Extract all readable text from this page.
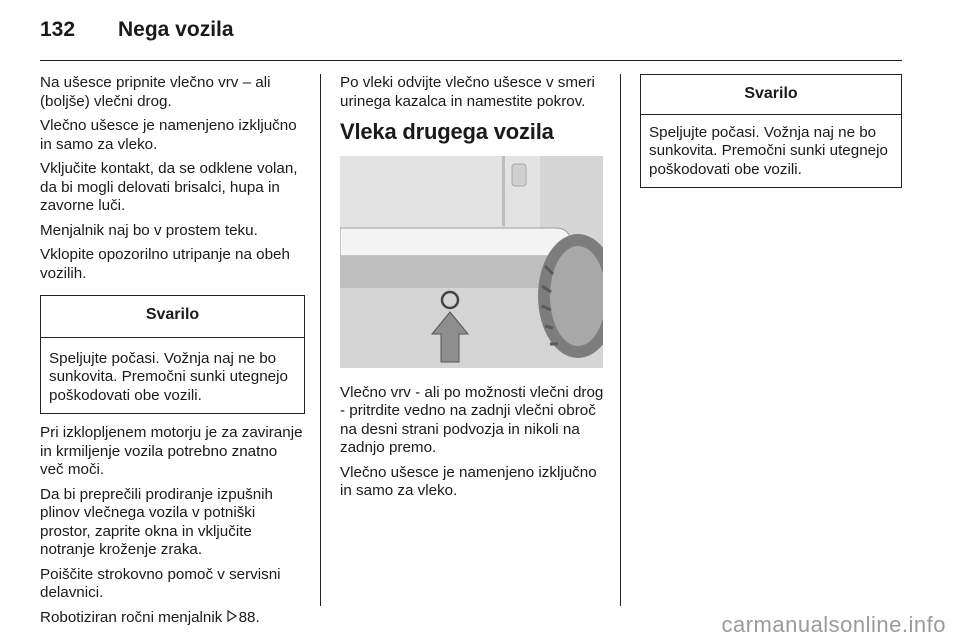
132 Nega vozila

Na ušesce pripnite vlečno vrv – ali (boljše) vlečni drog.

Vlečno ušesce je namenjeno izključno in samo za vleko.

Vključite kontakt, da se odklene volan, da bi mogli delovati brisalci, hupa in zavorne luči.

Menjalnik naj bo v prostem teku.

Vklopite opozorilno utripanje na obeh vozilih.

Svarilo
Speljujte počasi. Vožnja naj ne bo sunkovita. Premočni sunki utegnejo poškodovati obe vozili.

Pri izklopljenem motorju je za zaviranje in krmiljenje vozila potrebno znatno več moči.

Da bi preprečili prodiranje izpušnih plinov vlečnega vozila v potniški prostor, zaprite okna in vključite notranje kroženje zraka.

Poiščite strokovno pomoč v servisni delavnici.

Robotiziran ročni menjalnik 88.

Po vleki odvijte vlečno ušesce v smeri urinega kazalca in namestite pokrov.

Vleka drugega vozila

Vlečno vrv - ali po možnosti vlečni drog - pritrdite vedno na zadnji vlečni obroč na desni strani podvozja in nikoli na zadnjo premo.

Vlečno ušesce je namenjeno izključno in samo za vleko.

Svarilo
Speljujte počasi. Vožnja naj ne bo sunkovita. Premočni sunki utegnejo poškodovati obe vozili.
carmanualsonline.info
